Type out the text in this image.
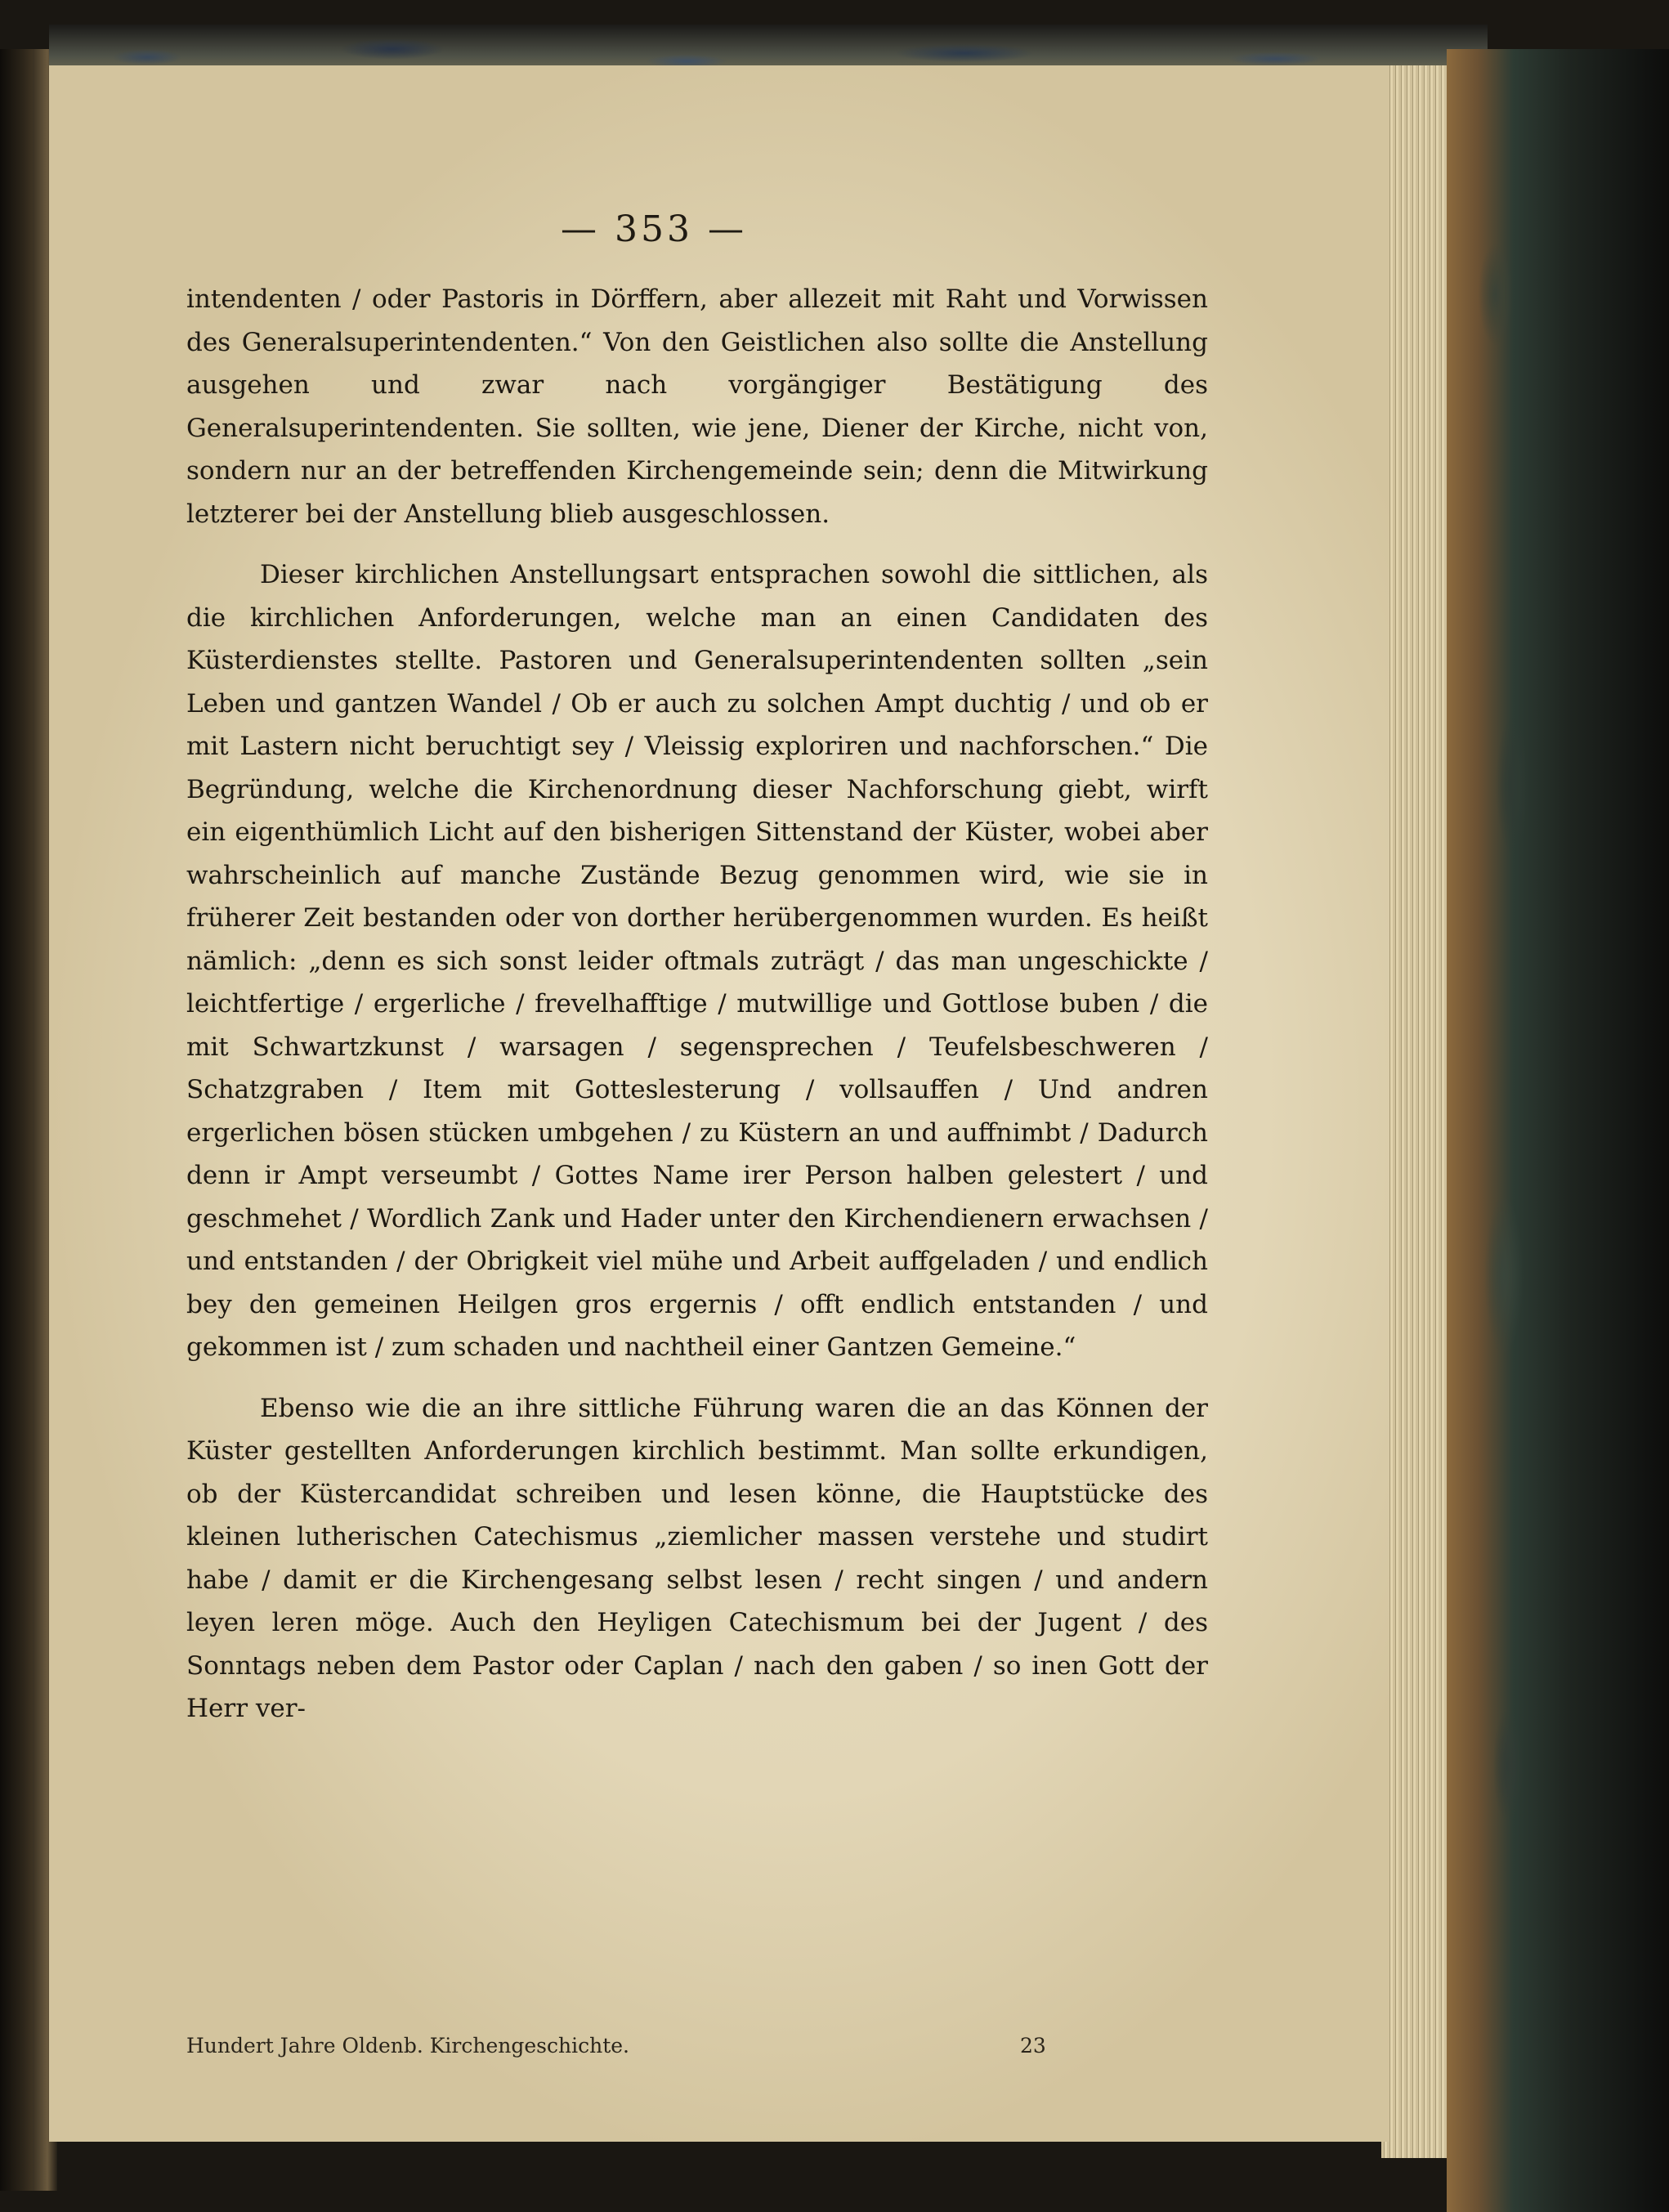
— 353 —

intendenten / oder Pastoris in Dörffern, aber allezeit mit Raht und Vorwissen des Generalsuperintendenten.“ Von den Geistlichen also sollte die Anstellung ausgehen und zwar nach vorgängiger Bestätigung des Generalsuperintendenten. Sie sollten, wie jene, Diener der Kirche, nicht von, sondern nur an der betreffenden Kirchengemeinde sein; denn die Mitwirkung letzterer bei der Anstellung blieb ausgeschlossen.

Dieser kirchlichen Anstellungsart entsprachen sowohl die sittlichen, als die kirchlichen Anforderungen, welche man an einen Candidaten des Küsterdienstes stellte. Pastoren und Generalsuperintendenten sollten „sein Leben und gantzen Wandel / Ob er auch zu solchen Ampt duchtig / und ob er mit Lastern nicht beruchtigt sey / Vleissig exploriren und nachforschen.“ Die Begründung, welche die Kirchenordnung dieser Nachforschung giebt, wirft ein eigenthümlich Licht auf den bisherigen Sittenstand der Küster, wobei aber wahrscheinlich auf manche Zustände Bezug genommen wird, wie sie in früherer Zeit bestanden oder von dorther herübergenommen wurden. Es heißt nämlich: „denn es sich sonst leider oftmals zuträgt / das man ungeschickte / leichtfertige / ergerliche / frevelhafftige / mutwillige und Gottlose buben / die mit Schwartzkunst / warsagen / segensprechen / Teufelsbeschweren / Schatzgraben / Item mit Gotteslesterung / vollsauffen / Und andren ergerlichen bösen stücken umbgehen / zu Küstern an und auffnimbt / Dadurch denn ir Ampt verseumbt / Gottes Name irer Person halben gelestert / und geschmehet / Wordlich Zank und Hader unter den Kirchendienern erwachsen / und entstanden / der Obrigkeit viel mühe und Arbeit auffgeladen / und endlich bey den gemeinen Heilgen gros ergernis / offt endlich entstanden / und gekommen ist / zum schaden und nachtheil einer Gantzen Gemeine.“

Ebenso wie die an ihre sittliche Führung waren die an das Können der Küster gestellten Anforderungen kirchlich bestimmt. Man sollte erkundigen, ob der Küstercandidat schreiben und lesen könne, die Hauptstücke des kleinen lutherischen Catechismus „ziemlicher massen verstehe und studirt habe / damit er die Kirchengesang selbst lesen / recht singen / und andern leyen leren möge. Auch den Heyligen Catechismum bei der Jugent / des Sonntags neben dem Pastor oder Caplan / nach den gaben / so inen Gott der Herr ver-

Hundert Jahre Oldenb. Kirchengeschichte.	23
